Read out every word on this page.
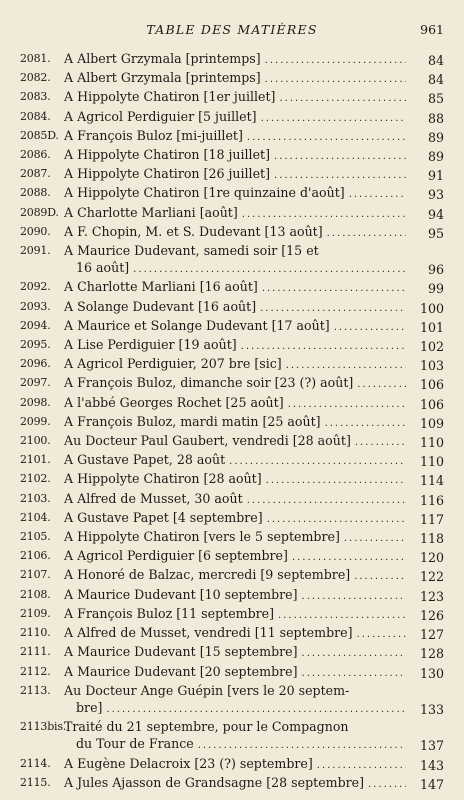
TABLE DES MATIÈRES	961
2081.	A Albert Grzymala [printemps] .....	84
2082.	A Albert Grzymala [printemps] .....	84
2083.	A Hippolyte Chatiron [1er juillet] .....	85
2084.	A Agricol Perdiguier [5 juillet] .....	88
2085D. A François Buloz [mi-juillet] .....	89
2086.	A Hippolyte Chatiron [18 juillet] .....	89
2087.	A Hippolyte Chatiron [26 juillet] .....	91
2088.	A Hippolyte Chatiron [1re quinzaine d'août] .....	93
2089D. A Charlotte Marliani [août] .....	94
2090.	A F. Chopin, M. et S. Dudevant [13 août] .....	95
2091.	A Maurice Dudevant, samedi soir [15 et
16 août] .....	96
2092.	A Charlotte Marliani [16 août] .....	99
2093.	A Solange Dudevant [16 août] .....	100
2094.	A Maurice et Solange Dudevant [17 août] .....	101
2095.	A Lise Perdiguier [19 août] .....	102
2096.	A Agricol Perdiguier, 207 bre [sic] .....	103
2097.	A François Buloz, dimanche soir [23 (?) août] .....	106
2098.	A l'abbé Georges Rochet [25 août] .....	106
2099.	A François Buloz, mardi matin [25 août] .....	109
2100.	Au Docteur Paul Gaubert, vendredi [28 août] .....	110
2101.	A Gustave Papet, 28 août .....	110
2102.	A Hippolyte Chatiron [28 août] .....	114
2103.	A Alfred de Musset, 30 août .....	116
2104.	A Gustave Papet [4 septembre] .....	117
2105.	A Hippolyte Chatiron [vers le 5 septembre] .....	118
2106.	A Agricol Perdiguier [6 septembre] .....	120
2107.	A Honoré de Balzac, mercredi [9 septembre] .....	122
2108.	A Maurice Dudevant [10 septembre] .....	123
2109.	A François Buloz [11 septembre] .....	126
2110.	A Alfred de Musset, vendredi [11 septembre] .....	127
2111.	A Maurice Dudevant [15 septembre] .....	128
2112.	A Maurice Dudevant [20 septembre] .....	130
2113.	Au Docteur Ange Guépin [vers le 20 septem-
bre] .....	133
2113bis.
Traité du 21 septembre, pour le Compagnon
du Tour de France .....	137
2114.	A Eugène Delacroix [23 (?) septembre] .....	143
2115.	A Jules Ajasson de Grandsagne [28 septembre] .....	147
